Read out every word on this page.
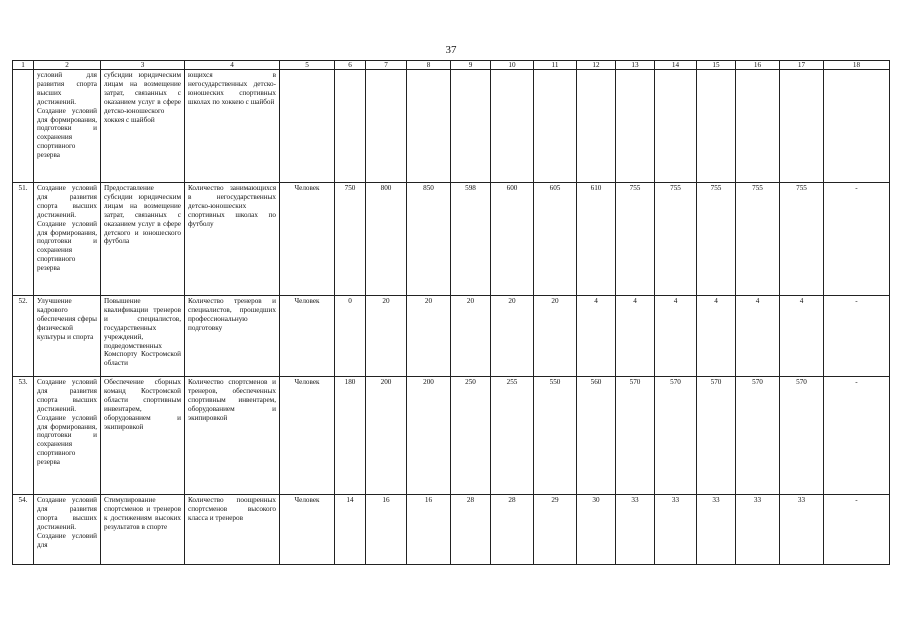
37
1	2	3	4	5	6	7	8	9	10	11	12	13	14	15	16	17	18
	условий для развития спорта высших достижений. Создание условий для формирования, подготовки и сохранения спортивного резерва	субсидии юридическим лицам на возмещение затрат, связанных с оказанием услуг в сфере детско-юношеского хоккея с шайбой	ющихся в негосударственных детско-юношеских спортивных школах по хоккею с шайбой														
51.	Создание условий для развития спорта высших достижений. Создание условий для формирования, подготовки и сохранения спортивного резерва	Предоставление субсидии юридическим лицам на возмещение затрат, связанных с оказанием услуг в сфере детского и юношеского футбола	Количество занимающихся в негосударственных детско-юношеских спортивных школах по футболу	Человек	750	800	850	598	600	605	610	755	755	755	755	755	-
52.	Улучшение кадрового обеспечения сферы физической культуры и спорта	Повышение квалификации тренеров и специалистов, государственных учреждений, подведомственных Комспорту Костромской области	Количество тренеров и специалистов, прошедших профессиональную подготовку	Человек	0	20	20	20	20	20	4	4	4	4	4	4	-
53.	Создание условий для развития спорта высших достижений. Создание условий для формирования, подготовки и сохранения спортивного резерва	Обеспечение сборных команд Костромской области спортивным инвентарем, оборудованием и экипировкой	Количество спортсменов и тренеров, обеспеченных спортивным инвентарем, оборудованием и экипировкой	Человек	180	200	200	250	255	550	560	570	570	570	570	570	-
54.	Создание условий для развития спорта высших достижений. Создание условий для	Стимулирование спортсменов и тренеров к достижениям высоких результатов в спорте	Количество поощренных спортсменов высокого класса и тренеров	Человек	14	16	16	28	28	29	30	33	33	33	33	33	-
